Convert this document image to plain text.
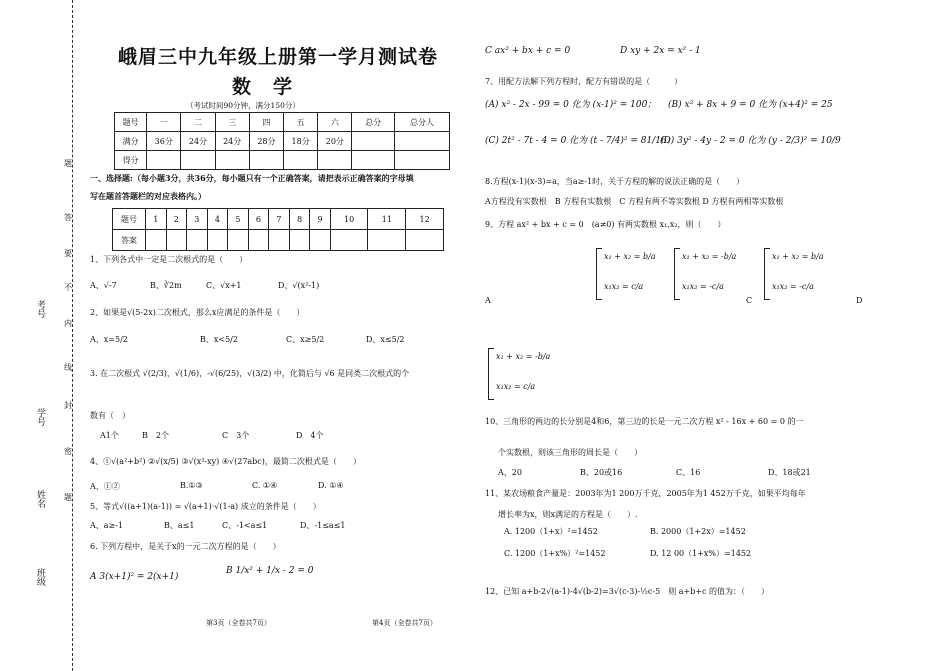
班级
姓名
学号
考号
题
答
要
不
内
线
封
密
题
峨眉三中九年级上册第一学月测试卷
数学
（考试时间90分钟，满分150分）
题号	一	二	三	四	五	六	总分	总分人
满分	36分	24分	24分	28分	18分	20分		
得分								
一、选择题:（每小题3分，共36分，每小题只有一个正确答案，请把表示正确答案的字母填
写在题首答题栏的对应表格内。）
题号	1	2	3	4	5	6	7	8	9	10	11	12
答案												
1、下列各式中一定是二次根式的是（　　）
A、√-7	B、∛2m	C、√x+1	D、√(x²-1)
2、如果是√(5-2x)二次根式，那么x应满足的条件是（　　）
A、x=5/2	B、x<5/2	C、x≥5/2	D、x≤5/2
3. 在二次根式 √(2/3)，√(1/6)，-√(6/25)，√(3/2) 中，化简后与 √6 是同类二次根式的个
数有（　）
A1个	B　2个	C　3个	D　4个
4、①√(a²+b²) ②√(x/5) ③√(x²-xy) ④√(27abc)，最简二次根式是（　　）
A、①②	B.①③	C. ①④	D. ①④
5、等式√((a+1)(a-1)) = √(a+1)·√(1-a) 成立的条件是（　　）
A、a≥-1	B、a≤1	C、-1<a≤1	D、-1≤a≤1
6. 下列方程中，是关于x的一元二次方程的是（　　）
A 3(x+1)² = 2(x+1)
B 1/x² + 1/x - 2 = 0
C ax² + bx + c = 0	D xy + 2x = x² - 1
7、用配方法解下列方程时，配方有错误的是（　　　）
(A) x² - 2x - 99 = 0 化为 (x-1)² = 100； (B) x² + 8x + 9 = 0 化为 (x+4)² = 25
(C) 2t² - 7t - 4 = 0 化为 (t - 7/4)² = 81/16；
(D) 3y² - 4y - 2 = 0 化为 (y - 2/3)² = 10/9
8.方程(x-1)(x-3)=a，当a≥-1时，关于方程的解的说法正确的是（　　）
A方程没有实数根　B 方程有实数根　C 方程有两不等实数根 D 方程有两相等实数根
9、方程 ax² + bx + c = 0　(a≠0) 有两实数根 x₁,x₂，则（　　）
x₁ + x₂ = b/a
x₁x₂ = c/a
x₁ + x₂ = -b/a
x₁x₂ = -c/a
x₁ + x₂ = b/a
x₁x₂ = -c/a
A	C	D
x₁ + x₂ = -b/a
x₁x₂ = c/a
10、三角形的两边的长分别是4和6，第三边的长是一元二次方程 x² - 16x + 60 = 0 的一
个实数根，则该三角形的周长是（　　）
A、20	B、20或16	C、16	D、18或21
11、某农场粮食产量是：2003年为1 200万千克，2005年为1 452万千克，如果平均每年
增长率为x，则x满足的方程是（　　）.
A. 1200（1+x）²=1452	B. 2000（1+2x）=1452
C. 1200（1+x%）²=1452	D. 12 00（1+x%）=1452
12、已知 a+b-2√(a-1)-4√(b-2)=3√(c-3)-½c-5　则 a+b+c 的值为：（　　）
第3页（全卷共7页）	第4页（全卷共7页）
